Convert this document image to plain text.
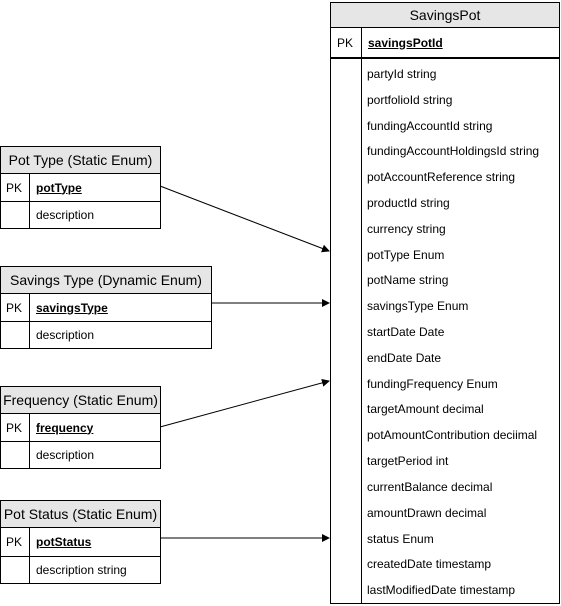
SavingsPot
PK	savingsPotId
partyId string
portfolioId string
fundingAccountId string
fundingAccountHoldingsId string
potAccountReference string
productId string
currency string
potType Enum
potName string
savingsType Enum
startDate Date
endDate Date
fundingFrequency Enum
targetAmount decimal
potAmountContribution deciimal
targetPeriod int
currentBalance decimal
amountDrawn decimal
status Enum
createdDate timestamp
lastModifiedDate timestamp
Pot Type (Static Enum)
PK	potType
description
Savings Type (Dynamic Enum)
PK	savingsType
description
Frequency (Static Enum)
PK	frequency
description
Pot Status (Static Enum)
PK	potStatus
description string
